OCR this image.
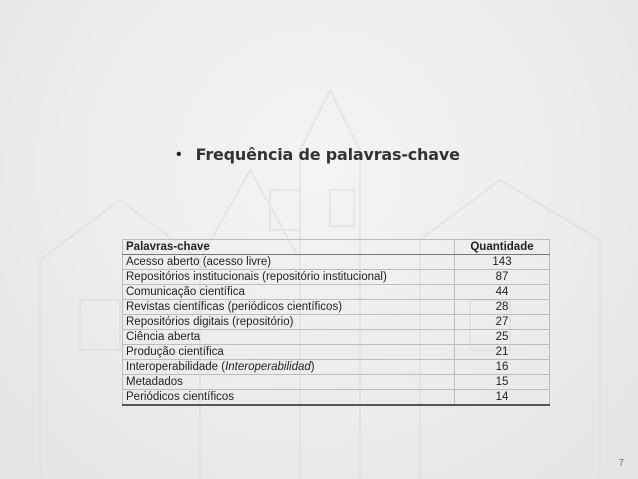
• Frequência de palavras-chave
Palavras-chave	Quantidade
Acesso aberto (acesso livre)	143
Repositórios institucionais (repositório institucional)	87
Comunicação científica	44
Revistas científicas (periódicos científicos)	28
Repositórios digitais (repositório)	27
Ciência aberta	25
Produção científica	21
Interoperabilidade (Interoperabilidad)	16
Metadados	15
Periódicos científicos	14
7
